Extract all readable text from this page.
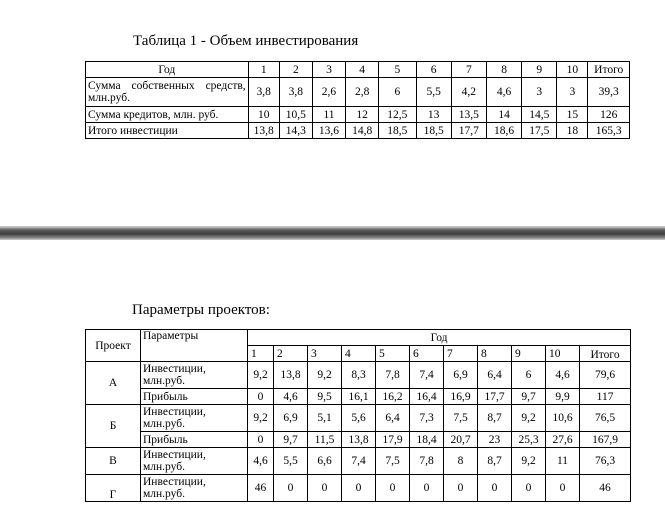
Таблица 1 - Объем инвестирования
Год	1	2	3	4	5	6	7	8	9	10	Итого
Сумма собственных средств, млн.руб.	3,8	3,8	2,6	2,8	6	5,5	4,2	4,6	3	3	39,3
Сумма кредитов, млн. руб.	10	10,5	11	12	12,5	13	13,5	14	14,5	15	126
Итого инвестиции	13,8	14,3	13,6	14,8	18,5	18,5	17,7	18,6	17,5	18	165,3
Параметры проектов:
Проект	Параметры	Год										
		1	2	3	4	5	6	7	8	9	10	Итого
А	Инвестиции, млн.руб.	9,2	13,8	9,2	8,3	7,8	7,4	6,9	6,4	6	4,6	79,6
	Прибыль	0	4,6	9,5	16,1	16,2	16,4	16,9	17,7	9,7	9,9	117
Б	Инвестиции, млн.руб.	9,2	6,9	5,1	5,6	6,4	7,3	7,5	8,7	9,2	10,6	76,5
	Прибыль	0	9,7	11,5	13,8	17,9	18,4	20,7	23	25,3	27,6	167,9
В	Инвестиции, млн.руб.	4,6	5,5	6,6	7,4	7,5	7,8	8	8,7	9,2	11	76,3
Г	Инвестиции, млн.руб.	46	0	0	0	0	0	0	0	0	0	46
